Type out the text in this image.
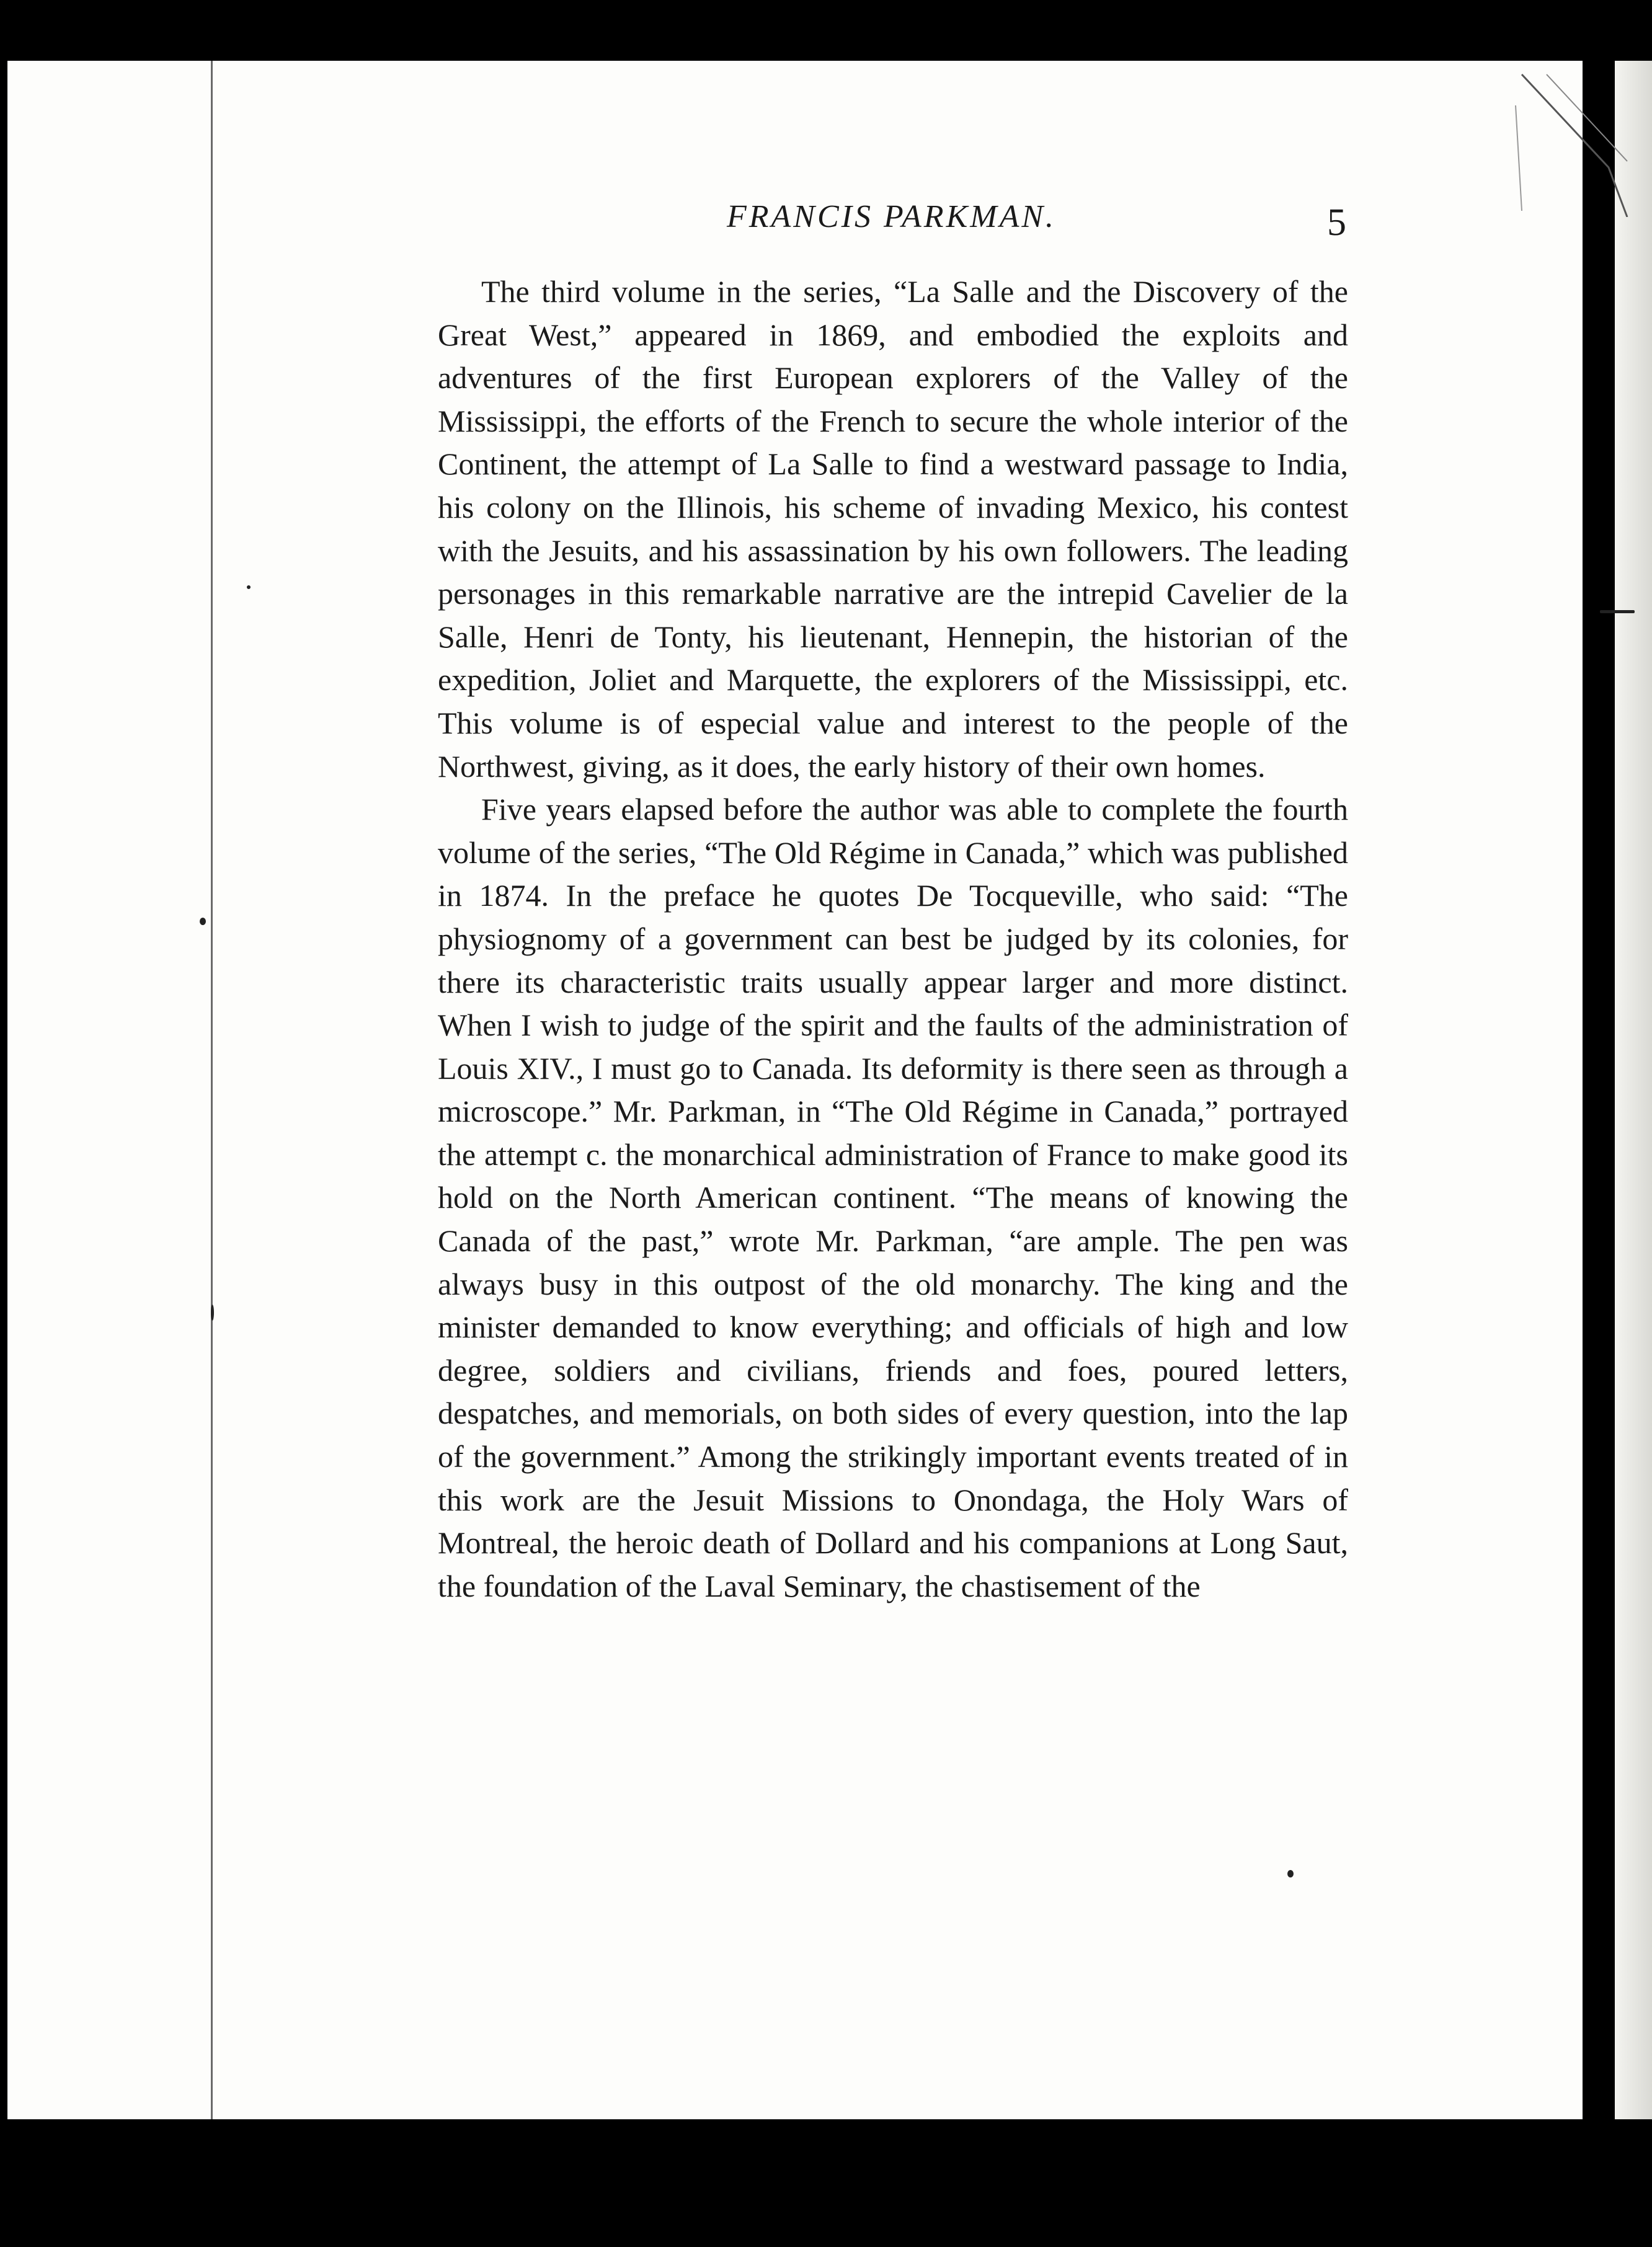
FRANCIS PARKMAN.	5

The third volume in the series, “La Salle and the Discovery of the Great West,” appeared in 1869, and embodied the exploits and adventures of the first European explorers of the Valley of the Mississippi, the efforts of the French to secure the whole interior of the Continent, the attempt of La Salle to find a westward passage to India, his colony on the Illinois, his scheme of invading Mexico, his contest with the Jesuits, and his assassination by his own followers. The leading personages in this remarkable narrative are the intrepid Cavelier de la Salle, Henri de Tonty, his lieutenant, Hennepin, the historian of the expedition, Joliet and Marquette, the explorers of the Mississippi, etc. This volume is of especial value and interest to the people of the Northwest, giving, as it does, the early history of their own homes.

Five years elapsed before the author was able to complete the fourth volume of the series, “The Old Régime in Canada,” which was published in 1874. In the preface he quotes De Tocqueville, who said: “The physiognomy of a government can best be judged by its colonies, for there its characteristic traits usually appear larger and more distinct. When I wish to judge of the spirit and the faults of the administration of Louis XIV., I must go to Canada. Its deformity is there seen as through a microscope.” Mr. Parkman, in “The Old Régime in Canada,” portrayed the attempt c. the monarchical administration of France to make good its hold on the North American continent. “The means of knowing the Canada of the past,” wrote Mr. Parkman, “are ample. The pen was always busy in this outpost of the old monarchy. The king and the minister demanded to know everything; and officials of high and low degree, soldiers and civilians, friends and foes, poured letters, despatches, and memorials, on both sides of every question, into the lap of the government.” Among the strikingly important events treated of in this work are the Jesuit Missions to Onondaga, the Holy Wars of Montreal, the heroic death of Dollard and his companions at Long Saut, the foundation of the Laval Seminary, the chastisement of the
